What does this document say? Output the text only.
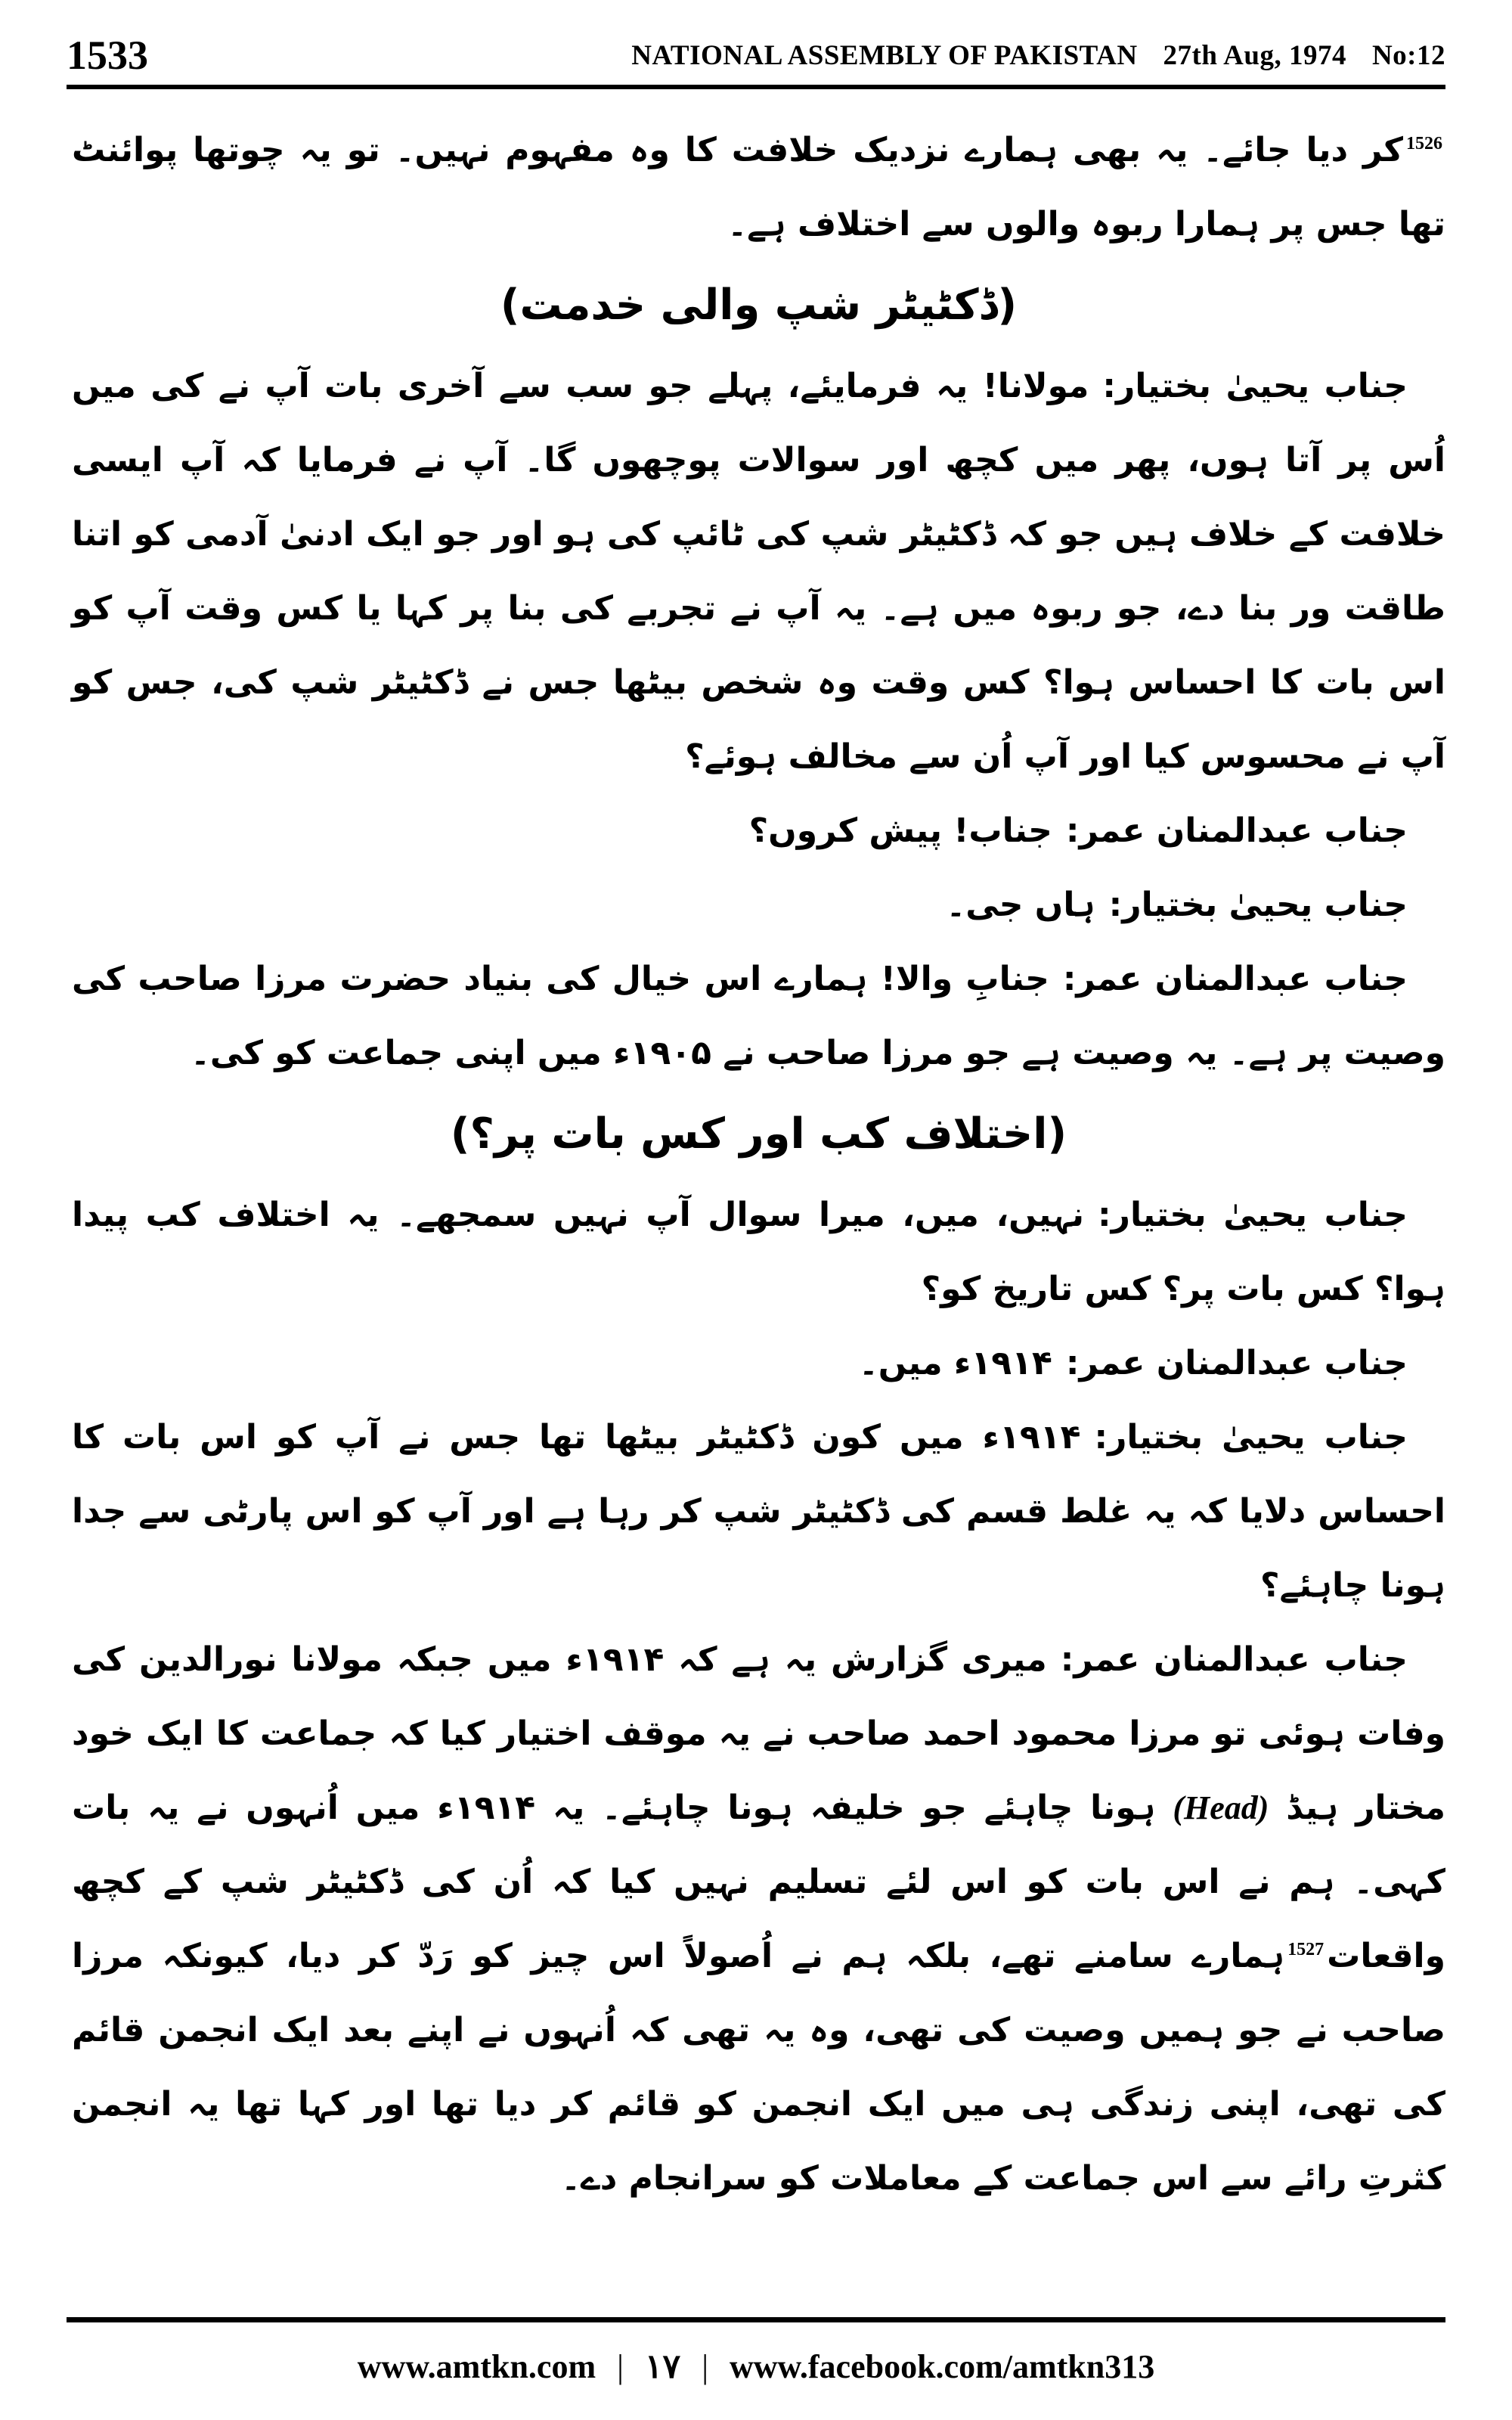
1533	NATIONAL ASSEMBLY OF PAKISTAN 27th Aug, 1974 No:12

$^{1526}$کر دیا جائے۔ یہ بھی ہمارے نزدیک خلافت کا وہ مفہوم نہیں۔ تو یہ چوتھا پوائنٹ تھا جس پر ہمارا ربوہ والوں سے اختلاف ہے۔

(ڈکٹیٹر شپ والی خدمت)

جناب یحییٰ بختیار :مولانا! یہ فرمایئے، پہلے جو سب سے آخری بات آپ نے کی میں اُس پر آتا ہوں، پھر میں کچھ اور سوالات پوچھوں گا۔ آپ نے فرمایا کہ آپ ایسی خلافت کے خلاف ہیں جو کہ ڈکٹیٹر شپ کی ٹائپ کی ہو اور جو ایک ادنیٰ آدمی کو اتنا طاقت ور بنا دے، جو ربوہ میں ہے۔ یہ آپ نے تجربے کی بنا پر کہا یا کس وقت آپ کو اس بات کا احساس ہوا؟ کس وقت وہ شخص بیٹھا جس نے ڈکٹیٹر شپ کی، جس کو آپ نے محسوس کیا اور آپ اُن سے مخالف ہوئے؟

جناب عبدالمنان عمر :جناب! پیش کروں؟

جناب یحییٰ بختیار :ہاں جی۔

جناب عبدالمنان عمر :جنابِ والا! ہمارے اس خیال کی بنیاد حضرت مرزا صاحب کی وصیت پر ہے۔ یہ وصیت ہے جو مرزا صاحب نے ۱۹۰۵ء میں اپنی جماعت کو کی۔

(اختلاف کب اور کس بات پر؟)

جناب یحییٰ بختیار :نہیں، میں، میرا سوال آپ نہیں سمجھے۔ یہ اختلاف کب پیدا ہوا؟ کس بات پر؟ کس تاریخ کو؟

جناب عبدالمنان عمر :۱۹۱۴ء میں۔

جناب یحییٰ بختیار :۱۹۱۴ء میں کون ڈکٹیٹر بیٹھا تھا جس نے آپ کو اس بات کا احساس دلایا کہ یہ غلط قسم کی ڈکٹیٹر شپ کر رہا ہے اور آپ کو اس پارٹی سے جدا ہونا چاہئے؟

جناب عبدالمنان عمر :میری گزارش یہ ہے کہ ۱۹۱۴ء میں جبکہ مولانا نورالدین کی وفات ہوئی تو مرزا محمود احمد صاحب نے یہ موقف اختیار کیا کہ جماعت کا ایک خود مختار ہیڈ (Head) ہونا چاہئے جو خلیفہ ہونا چاہئے۔ یہ ۱۹۱۴ء میں اُنہوں نے یہ بات کہی۔ ہم نے اس بات کو اس لئے تسلیم نہیں کیا کہ اُن کی ڈکٹیٹر شپ کے کچھ واقعات$^{1527}$ہمارے سامنے تھے، بلکہ ہم نے اُصولاً اس چیز کو رَدّ کر دیا، کیونکہ مرزا صاحب نے جو ہمیں وصیت کی تھی، وہ یہ تھی کہ اُنہوں نے اپنے بعد ایک انجمن قائم کی تھی، اپنی زندگی ہی میں ایک انجمن کو قائم کر دیا تھا اور کہا تھا یہ انجمن کثرتِ رائے سے اس جماعت کے معاملات کو سرانجام دے۔

www.amtkn.com | ۱۷ | www.facebook.com/amtkn313
